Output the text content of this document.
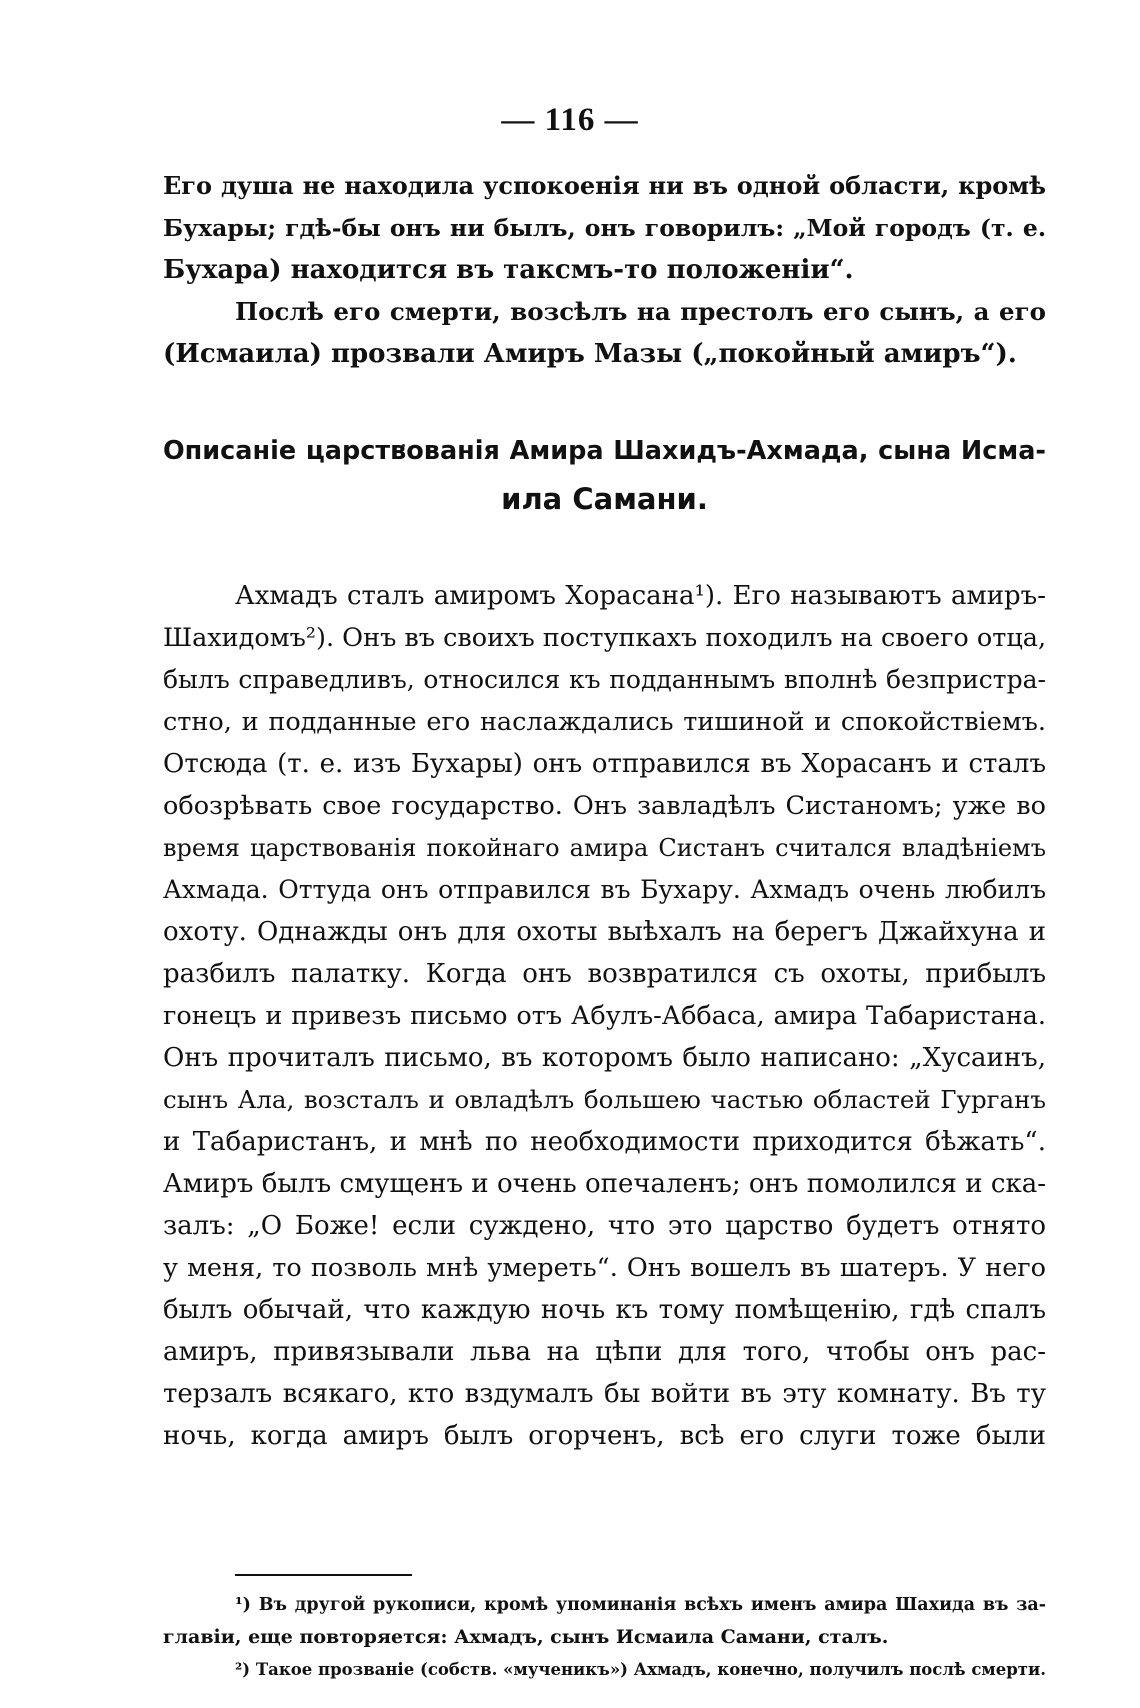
— 116 —
Его душа не находила успокоенія ни въ одной области, кромѣ
Бухары; гдѣ-бы онъ ни былъ, онъ говорилъ: „Мой городъ (т. е.
Бухара) находится въ таксмъ-то положеніи“.
Послѣ его смерти, возсѣлъ на престолъ его сынъ, а его
(Исмаила) прозвали Амиръ Мазы („покойный амиръ“).
Описаніе царствованія Амира Шахидъ-Ахмада, сына Исма-
ила Самани.
Ахмадъ сталъ амиромъ Хорасана¹). Его называютъ амиръ-
Шахидомъ²). Онъ въ своихъ поступкахъ походилъ на своего отца,
былъ справедливъ, относился къ подданнымъ вполнѣ безпристра-
стно, и подданные его наслаждались тишиной и спокойствіемъ.
Отсюда (т. е. изъ Бухары) онъ отправился въ Хорасанъ и сталъ
обозрѣвать свое государство. Онъ завладѣлъ Систаномъ; уже во
время царствованія покойнаго амира Систанъ считался владѣніемъ
Ахмада. Оттуда онъ отправился въ Бухару. Ахмадъ очень любилъ
охоту. Однажды онъ для охоты выѣхалъ на берегъ Джайхуна и
разбилъ палатку. Когда онъ возвратился съ охоты, прибылъ
гонецъ и привезъ письмо отъ Абулъ-Аббаса, амира Табаристана.
Онъ прочиталъ письмо, въ которомъ было написано: „Хусаинъ,
сынъ Ала, возсталъ и овладѣлъ большею частью областей Гурганъ
и Табаристанъ, и мнѣ по необходимости приходится бѣжать“.
Амиръ былъ смущенъ и очень опечаленъ; онъ помолился и ска-
залъ: „О Боже! если суждено, что это царство будетъ отнято
у меня, то позволь мнѣ умереть“. Онъ вошелъ въ шатеръ. У него
былъ обычай, что каждую ночь къ тому помѣщенію, гдѣ спалъ
амиръ, привязывали льва на цѣпи для того, чтобы онъ рас-
терзалъ всякаго, кто вздумалъ бы войти въ эту комнату. Въ ту
ночь, когда амиръ былъ огорченъ, всѣ его слуги тоже были
¹) Въ другой рукописи, кромѣ упоминанія всѣхъ именъ амира Шахида въ за-
главіи, еще повторяется: Ахмадъ, сынъ Исмаила Самани, сталъ.
²) Такое прозваніе (собств. «мученикъ») Ахмадъ, конечно, получилъ послѣ смерти.
